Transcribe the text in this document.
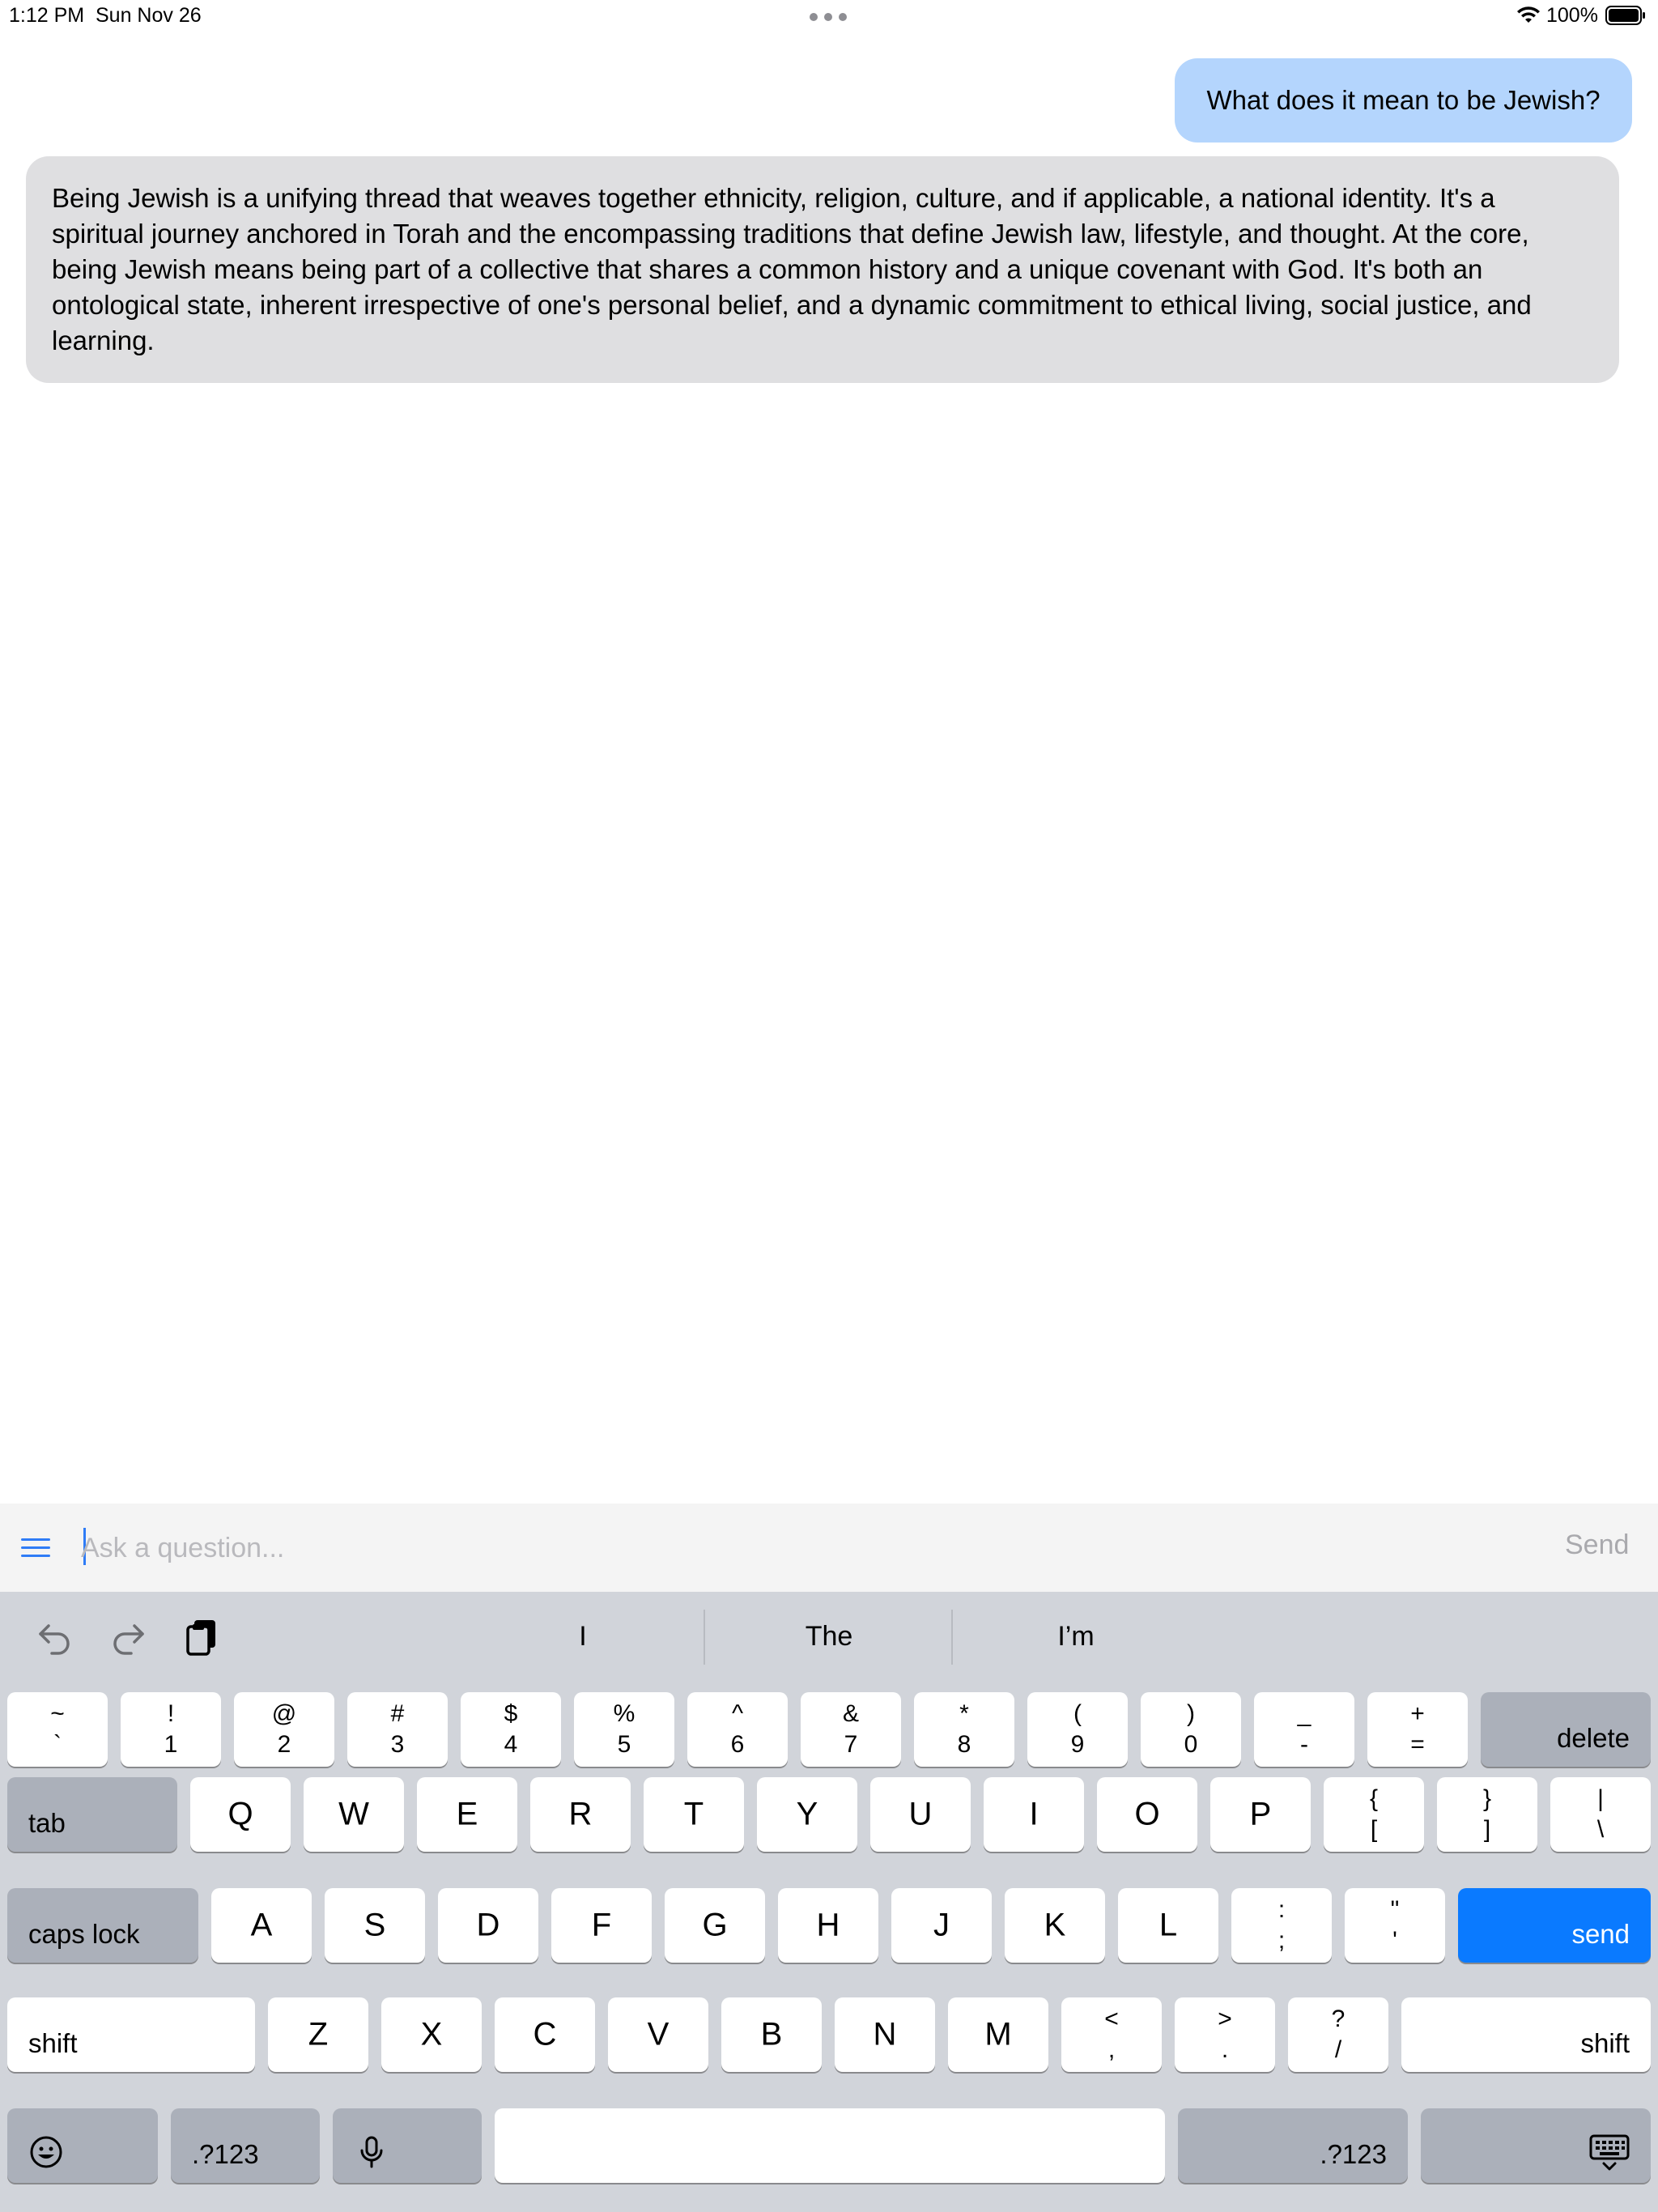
1:12 PM Sun Nov 26	100%
What does it mean to be Jewish?
Being Jewish is a unifying thread that weaves together ethnicity, religion, culture, and if applicable, a national identity. It's a spiritual journey anchored in Torah and the encompassing traditions that define Jewish law, lifestyle, and thought. At the core, being Jewish means being part of a collective that shares a common history and a unique covenant with God. It's both an ontological state, inherent irrespective of one's personal belief, and a dynamic commitment to ethical living, social justice, and learning.
Ask a question...
Send
I	The	I’m
~
`
!
1
@
2
#
3
$
4
%
5
^
6
&
7
*
8
(
9
)
0
_
-
+
=	delete
tab	Q	W	E	R	T	Y	U	I	O	P	{
[
}
]
|
\
caps lock	A	S	D	F	G	H	J	K	L	:
;
"
'	send
shift	Z	X	C	V	B	N	M	<
,
>
.
?
/	shift
.?123	.?123
